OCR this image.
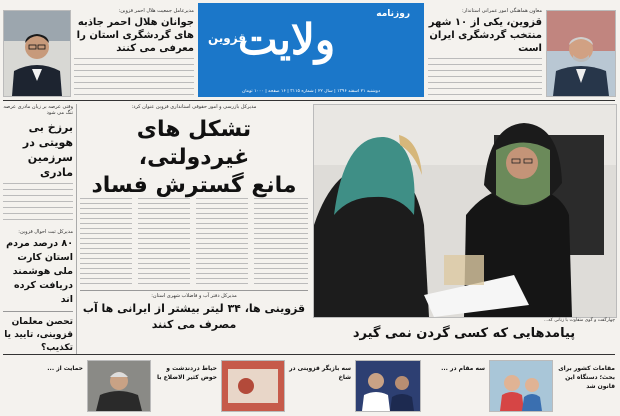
مدیرعامل جمعیت هلال احمر قزوین:
جوانان هلال احمر جاذبه های گردشگری استان را معرفی می کنند
روزنامه
ولایت
قزوین
دوشنبه ۲۱ اسفند ۱۳۹۶ | سال ۲۲ | شماره ۳۱۱۵ | ۱۶ صفحه | ۱۰۰۰ تومان
معاون هماهنگی امور عمرانی استاندار:
قزوین، یکی از ۱۰ شهر منتخب گردشگری ایران است
وقتی عرصه بر زبان مادری عرصه تنگ می شود
برزخ بی هویتی در سرزمین مادری
مدیرکل ثبت احوال قزوین:
۸۰ درصد مردم استان کارت ملی هوشمند دریافت کرده اند
تحصن معلمان قزوینی، تایید یا تکذیب؟
مدیرکل بازرسی و امور حقوقی استانداری قزوین عنوان کرد:
تشکل های غیردولتی،
مانع گسترش فساد
مدیرکل دفتر آب و فاضلاب شهری استان:
قزوینی ها، ۳۴ لیتر بیشتر از ایرانی ها آب مصرف می کنند	چهارگفت و گوی متفاوت با زنانی که...
پیامدهایی که کسی گردن نمی گیرد
حیاط دردندشت و حوض کثیر الاضلاع با
سه بازیگر قزوینی در شاخ
سه مقام در ...	مقامات کشور برای بحث؛ دستگاه این قانون شد
حمایت از ...
